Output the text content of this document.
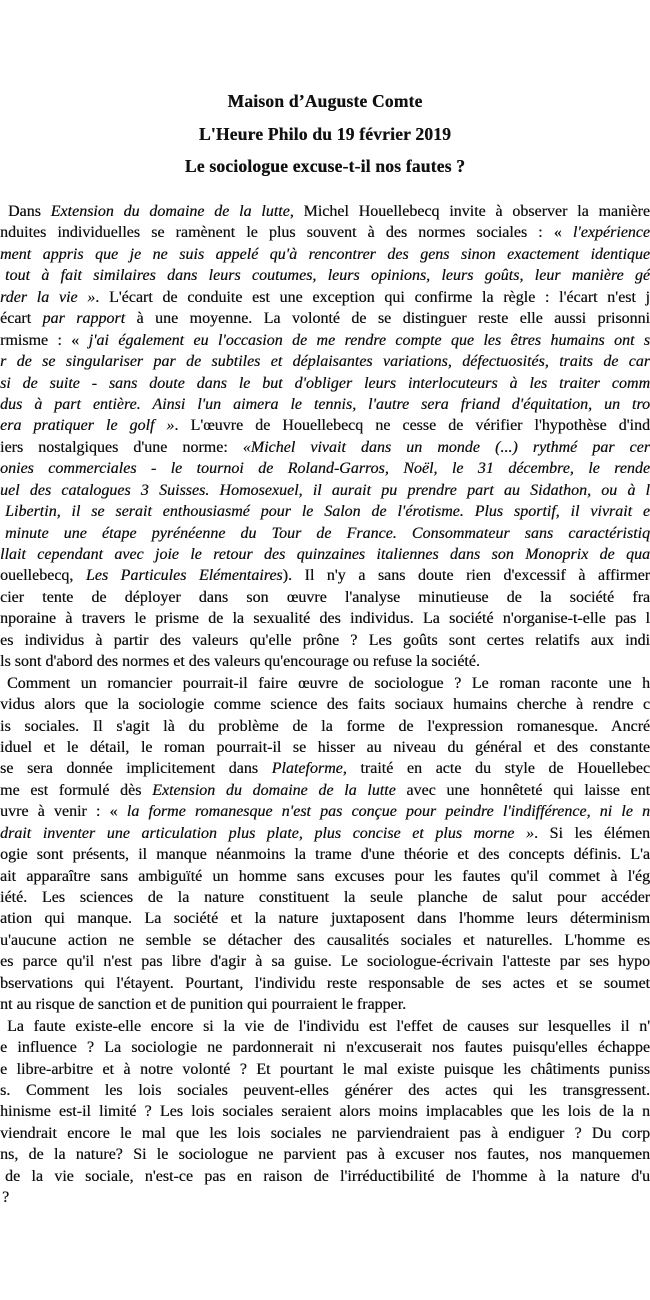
Maison d’Auguste Comte
L'Heure Philo du 19 février 2019
Le sociologue excuse-t-il nos fautes ?
Dans Extension du domaine de la lutte, Michel Houellebecq invite à observer la manière
nduites individuelles se ramènent le plus souvent à des normes sociales : « l'expérience
ment appris que je ne suis appelé qu'à rencontrer des gens sinon exactement identique
tout à fait similaires dans leurs coutumes, leurs opinions, leurs goûts, leur manière gé
rder la vie ». L'écart de conduite est une exception qui confirme la règle : l'écart n'est j
écart par rapport à une moyenne. La volonté de se distinguer reste elle aussi prisonni
rmisme : « j'ai également eu l'occasion de me rendre compte que les êtres humains ont s
r de se singulariser par de subtiles et déplaisantes variations, défectuosités, traits de car
si de suite - sans doute dans le but d'obliger leurs interlocuteurs à les traiter comm
dus à part entière. Ainsi l'un aimera le tennis, l'autre sera friand d'équitation, un tro
era pratiquer le golf ». L'œuvre de Houellebecq ne cesse de vérifier l'hypothèse d'ind
iers nostalgiques d'une norme: «Michel vivait dans un monde (...) rythmé par cer
onies commerciales - le tournoi de Roland-Garros, Noël, le 31 décembre, le rende
uel des catalogues 3 Suisses. Homosexuel, il aurait pu prendre part au Sidathon, ou à l
Libertin, il se serait enthousiasmé pour le Salon de l'érotisme. Plus sportif, il vivrait e
minute une étape pyrénéenne du Tour de France. Consommateur sans caractéristiq
llait cependant avec joie le retour des quinzaines italiennes dans son Monoprix de qua
ouellebecq, Les Particules Elémentaires). Il n'y a sans doute rien d'excessif à affirmer
cier tente de déployer dans son œuvre l'analyse minutieuse de la société fra
nporaine à travers le prisme de la sexualité des individus. La société n'organise-t-elle pas l
es individus à partir des valeurs qu'elle prône ? Les goûts sont certes relatifs aux indi
ls sont d'abord des normes et des valeurs qu'encourage ou refuse la société.
Comment un romancier pourrait-il faire œuvre de sociologue ? Le roman raconte une h
vidus alors que la sociologie comme science des faits sociaux humains cherche à rendre c
is sociales. Il s'agit là du problème de la forme de l'expression romanesque. Ancré
iduel et le détail, le roman pourrait-il se hisser au niveau du général et des constante
se sera donnée implicitement dans Plateforme, traité en acte du style de Houellebec
me est formulé dès Extension du domaine de la lutte avec une honnêteté qui laisse ent
uvre à venir : « la forme romanesque n'est pas conçue pour peindre l'indifférence, ni le n
drait inventer une articulation plus plate, plus concise et plus morne ». Si les élémen
ogie sont présents, il manque néanmoins la trame d'une théorie et des concepts définis. L'a
ait apparaître sans ambiguïté un homme sans excuses pour les fautes qu'il commet à l'ég
iété. Les sciences de la nature constituent la seule planche de salut pour accéder
ation qui manque. La société et la nature juxtaposent dans l'homme leurs déterminism
u'aucune action ne semble se détacher des causalités sociales et naturelles. L'homme es
es parce qu'il n'est pas libre d'agir à sa guise. Le sociologue-écrivain l'atteste par ses hypo
bservations qui l'étayent. Pourtant, l'individu reste responsable de ses actes et se soumet
nt au risque de sanction et de punition qui pourraient le frapper.
La faute existe-elle encore si la vie de l'individu est l'effet de causes sur lesquelles il n'
e influence ? La sociologie ne pardonnerait ni n'excuserait nos fautes puisqu'elles échappe
e libre-arbitre et à notre volonté ? Et pourtant le mal existe puisque les châtiments puniss
s. Comment les lois sociales peuvent-elles générer des actes qui les transgressent.
hinisme est-il limité ? Les lois sociales seraient alors moins implacables que les lois de la n
viendrait encore le mal que les lois sociales ne parviendraient pas à endiguer ? Du corp
ns, de la nature? Si le sociologue ne parvient pas à excuser nos fautes, nos manquemen
de la vie sociale, n'est-ce pas en raison de l'irréductibilité de l'homme à la nature d'u
?
